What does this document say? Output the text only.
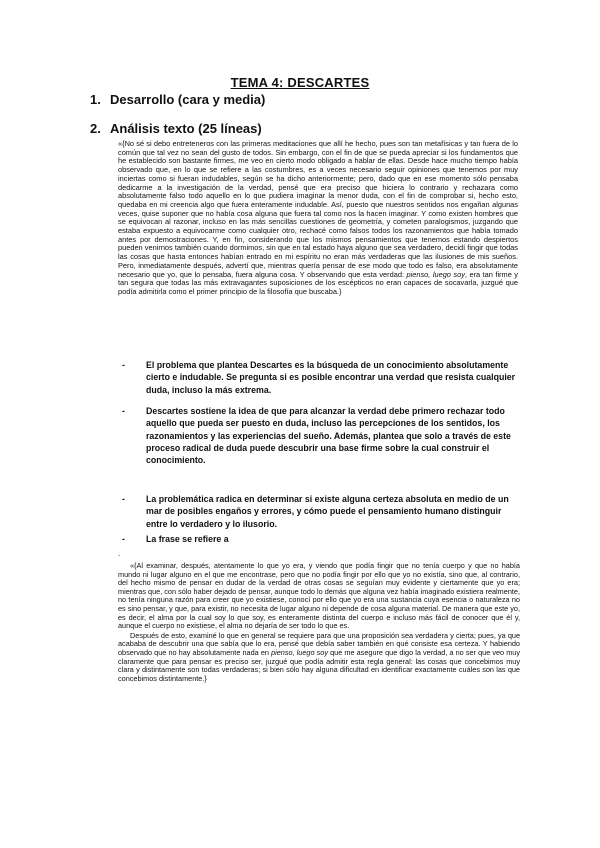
TEMA 4: DESCARTES
1. Desarrollo (cara y media)
2. Análisis texto (25 líneas)
«{No sé si debo entreteneros con las primeras meditaciones que allí he hecho, pues son tan metafísicas y tan fuera de lo común que tal vez no sean del gusto de todos. Sin embargo, con el fin de que se pueda apreciar si los fundamentos que he establecido son bastante firmes, me veo en cierto modo obligado a hablar de ellas. Desde hace mucho tiempo había observado que, en lo que se refiere a las costumbres, es a veces necesario seguir opiniones que tenemos por muy inciertas como si fueran indudables, según se ha dicho anteriormente; pero, dado que en ese momento sólo pensaba dedicarme a la investigación de la verdad, pensé que era preciso que hiciera lo contrario y rechazara como absolutamente falso todo aquello en lo que pudiera imaginar la menor duda, con el fin de comprobar si, hecho esto, quedaba en mi creencia algo que fuera enteramente indudable. Así, puesto que nuestros sentidos nos engañan algunas veces, quise suponer que no había cosa alguna que fuera tal como nos la hacen imaginar. Y como existen hombres que se equivocan al razonar, incluso en las más sencillas cuestiones de geometría, y cometen paralogismos, juzgando que estaba expuesto a equivocarme como cualquier otro, rechacé como falsos todos los razonamientos que había tomado antes por demostraciones. Y, en fin, considerando que los mismos pensamientos que tenemos estando despiertos pueden venirnos también cuando dormimos, sin que en tal estado haya alguno que sea verdadero, decidí fingir que todas las cosas que hasta entonces habían entrado en mi espíritu no eran más verdaderas que las ilusiones de mis sueños. Pero, inmediatamente después, advertí que, mientras quería pensar de ese modo que todo es falso, era absolutamente necesario que yo, que lo pensaba, fuera alguna cosa. Y observando que esta verdad: pienso, luego soy, era tan firme y tan segura que todas las más extravagantes suposiciones de los escépticos no eran capaces de socavarla, juzgué que podía admitirla como el primer principio de la filosofía que buscaba.}
- El problema que plantea Descartes es la búsqueda de un conocimiento absolutamente cierto e indudable. Se pregunta si es posible encontrar una verdad que resista cualquier duda, incluso la más extrema.
- Descartes sostiene la idea de que para alcanzar la verdad debe primero rechazar todo aquello que pueda ser puesto en duda, incluso las percepciones de los sentidos, los razonamientos y las experiencias del sueño. Además, plantea que solo a través de este proceso radical de duda puede descubrir una base firme sobre la cual construir el conocimiento.
- La problemática radica en determinar si existe alguna certeza absoluta en medio de un mar de posibles engaños y errores, y cómo puede el pensamiento humano distinguir entre lo verdadero y lo ilusorio.
- La frase se refiere a
.

«{Al examinar, después, atentamente lo que yo era, y viendo que podía fingir que no tenía cuerpo y que no había mundo ni lugar alguno en el que me encontrase, pero que no podía fingir por ello que yo no existía, sino que, al contrario, del hecho mismo de pensar en dudar de la verdad de otras cosas se seguían muy evidente y ciertamente que yo era; mientras que, con sólo haber dejado de pensar, aunque todo lo demás que alguna vez había imaginado existiera realmente, no tenía ninguna razón para creer que yo existiese, conocí por ello que yo era una sustancia cuya esencia o naturaleza no es sino pensar, y que, para existir, no necesita de lugar alguno ni depende de cosa alguna material. De manera que este yo, es decir, el alma por la cual soy lo que soy, es enteramente distinta del cuerpo e incluso más fácil de conocer que él y, aunque el cuerpo no existiese, el alma no dejaría de ser todo lo que es.

Después de esto, examiné lo que en general se requiere para que una proposición sea verdadera y cierta; pues, ya que acababa de descubrir una que sabía que lo era, pensé que debía saber también en qué consiste esa certeza. Y habiendo observado que no hay absolutamente nada en pienso, luego soy que me asegure que digo la verdad, a no ser que veo muy claramente que para pensar es preciso ser, juzgué que podía admitir esta regla general: las cosas que concebimos muy clara y distintamente son todas verdaderas; si bien sólo hay alguna dificultad en identificar exactamente cuáles son las que concebimos distintamente.}
